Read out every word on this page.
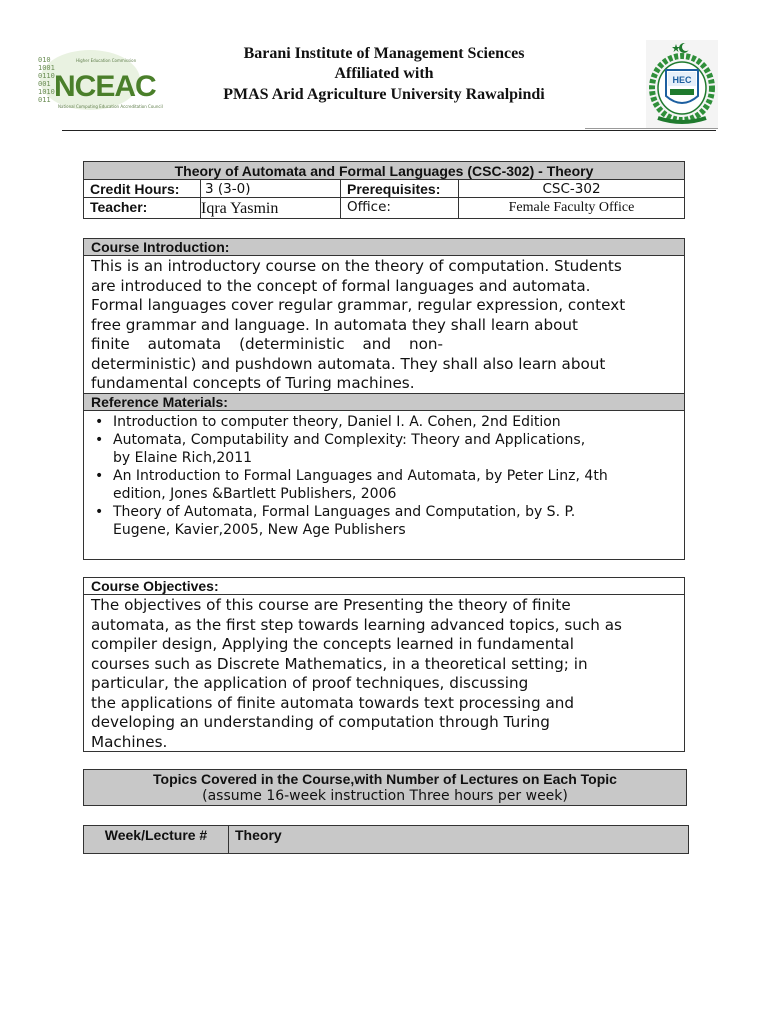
Barani Institute of Management Sciences
Affiliated with
PMAS Arid Agriculture University Rawalpindi
010
1001
0110
001
1010
011
Higher Education Commission
NCEAC
National Computing Education Accreditation Council
HEC
Theory of Automata and Formal Languages (CSC-302) - Theory
Credit Hours:	3 (3-0)	Prerequisites:	CSC-302
Teacher:	Iqra Yasmin	Office:	Female Faculty Office
Course Introduction:
This is an introductory course on the theory of computation. Students
are introduced to the concept of formal languages and automata.
Formal languages cover regular grammar, regular expression, context
free grammar and language. In automata they shall learn about
finite automata (deterministic and non-
deterministic) and pushdown automata. They shall also learn about
fundamental concepts of Turing machines.
Reference Materials:
• Introduction to computer theory, Daniel I. A. Cohen, 2nd Edition
• Automata, Computability and Complexity: Theory and Applications,
by Elaine Rich,2011
• An Introduction to Formal Languages and Automata, by Peter Linz, 4th
edition, Jones &Bartlett Publishers, 2006
• Theory of Automata, Formal Languages and Computation, by S. P.
Eugene, Kavier,2005, New Age Publishers
Course Objectives:
The objectives of this course are Presenting the theory of finite
automata, as the first step towards learning advanced topics, such as
compiler design, Applying the concepts learned in fundamental
courses such as Discrete Mathematics, in a theoretical setting; in
particular, the application of proof techniques, discussing
the applications of finite automata towards text processing and
developing an understanding of computation through Turing
Machines.
Topics Covered in the Course,with Number of Lectures on Each Topic
(assume 16-week instruction Three hours per week)
Week/Lecture #	Theory
